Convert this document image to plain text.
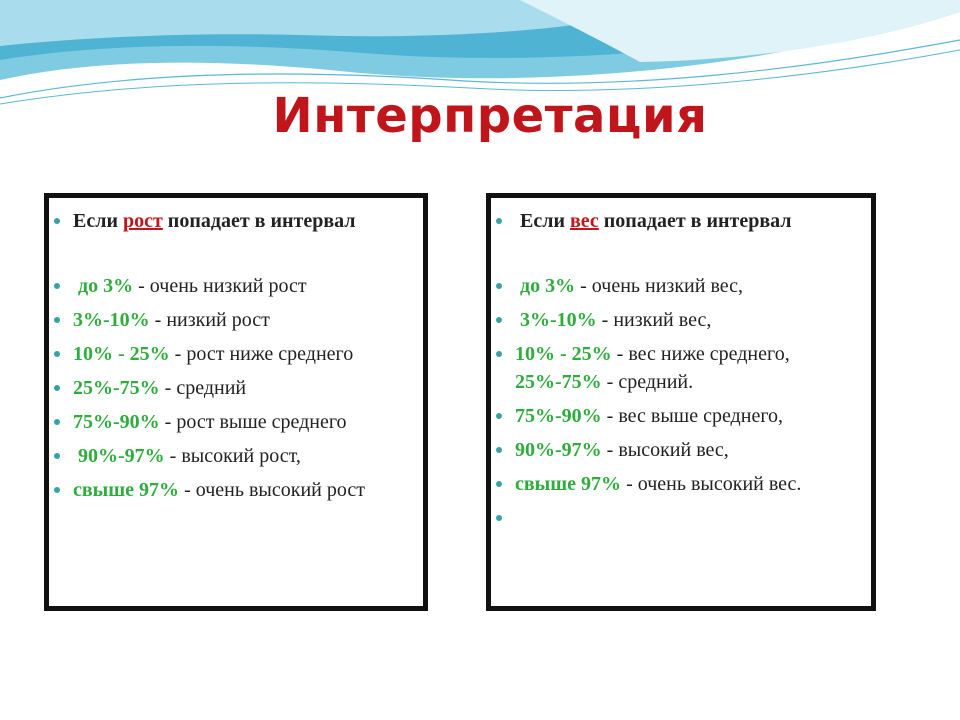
Интерпретация
Если рост попадает в интервал
до 3% - очень низкий рост
3%-10% - низкий рост
10% - 25% - рост ниже среднего
25%-75% - средний
75%-90% - рост выше среднего
90%-97% - высокий рост,
свыше 97% - очень высокий рост
Если вес попадает в интервал
до 3% - очень низкий вес,
3%-10% - низкий вес,
10% - 25% - вес ниже среднего,
25%-75% - средний.
75%-90% - вес выше среднего,
90%-97% - высокий вес,
свыше 97% - очень высокий вес.
